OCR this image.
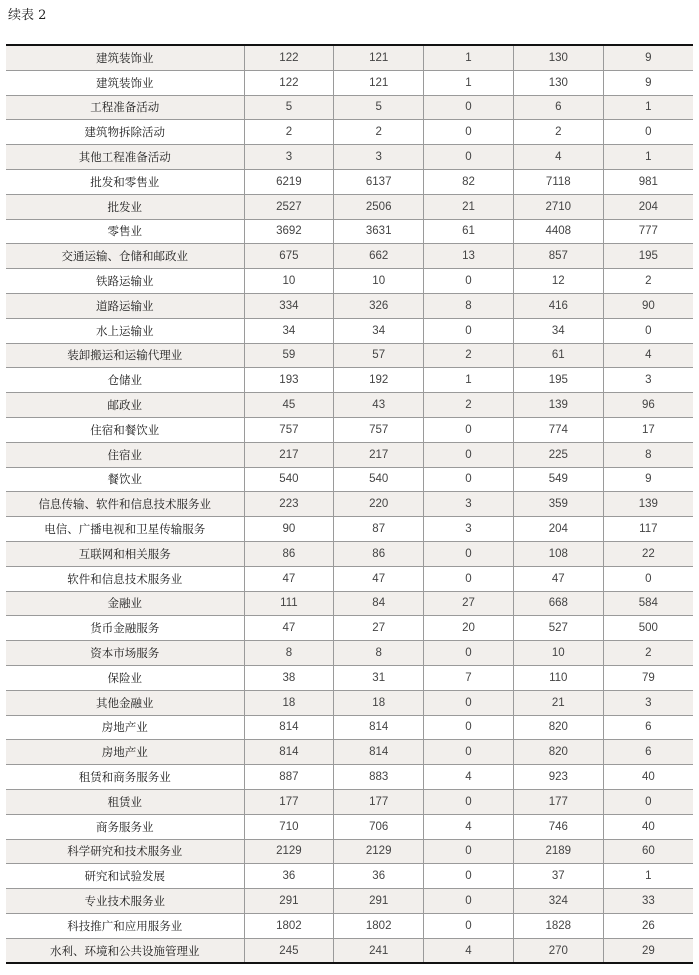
续表 2
建筑装饰业	122	121	1	130	9
建筑装饰业	122	121	1	130	9
工程准备活动	5	5	0	6	1
建筑物拆除活动	2	2	0	2	0
其他工程准备活动	3	3	0	4	1
批发和零售业	6219	6137	82	7118	981
批发业	2527	2506	21	2710	204
零售业	3692	3631	61	4408	777
交通运输、仓储和邮政业	675	662	13	857	195
铁路运输业	10	10	0	12	2
道路运输业	334	326	8	416	90
水上运输业	34	34	0	34	0
装卸搬运和运输代理业	59	57	2	61	4
仓储业	193	192	1	195	3
邮政业	45	43	2	139	96
住宿和餐饮业	757	757	0	774	17
住宿业	217	217	0	225	8
餐饮业	540	540	0	549	9
信息传输、软件和信息技术服务业	223	220	3	359	139
电信、广播电视和卫星传输服务	90	87	3	204	117
互联网和相关服务	86	86	0	108	22
软件和信息技术服务业	47	47	0	47	0
金融业	111	84	27	668	584
货币金融服务	47	27	20	527	500
资本市场服务	8	8	0	10	2
保险业	38	31	7	110	79
其他金融业	18	18	0	21	3
房地产业	814	814	0	820	6
房地产业	814	814	0	820	6
租赁和商务服务业	887	883	4	923	40
租赁业	177	177	0	177	0
商务服务业	710	706	4	746	40
科学研究和技术服务业	2129	2129	0	2189	60
研究和试验发展	36	36	0	37	1
专业技术服务业	291	291	0	324	33
科技推广和应用服务业	1802	1802	0	1828	26
水利、环境和公共设施管理业	245	241	4	270	29
